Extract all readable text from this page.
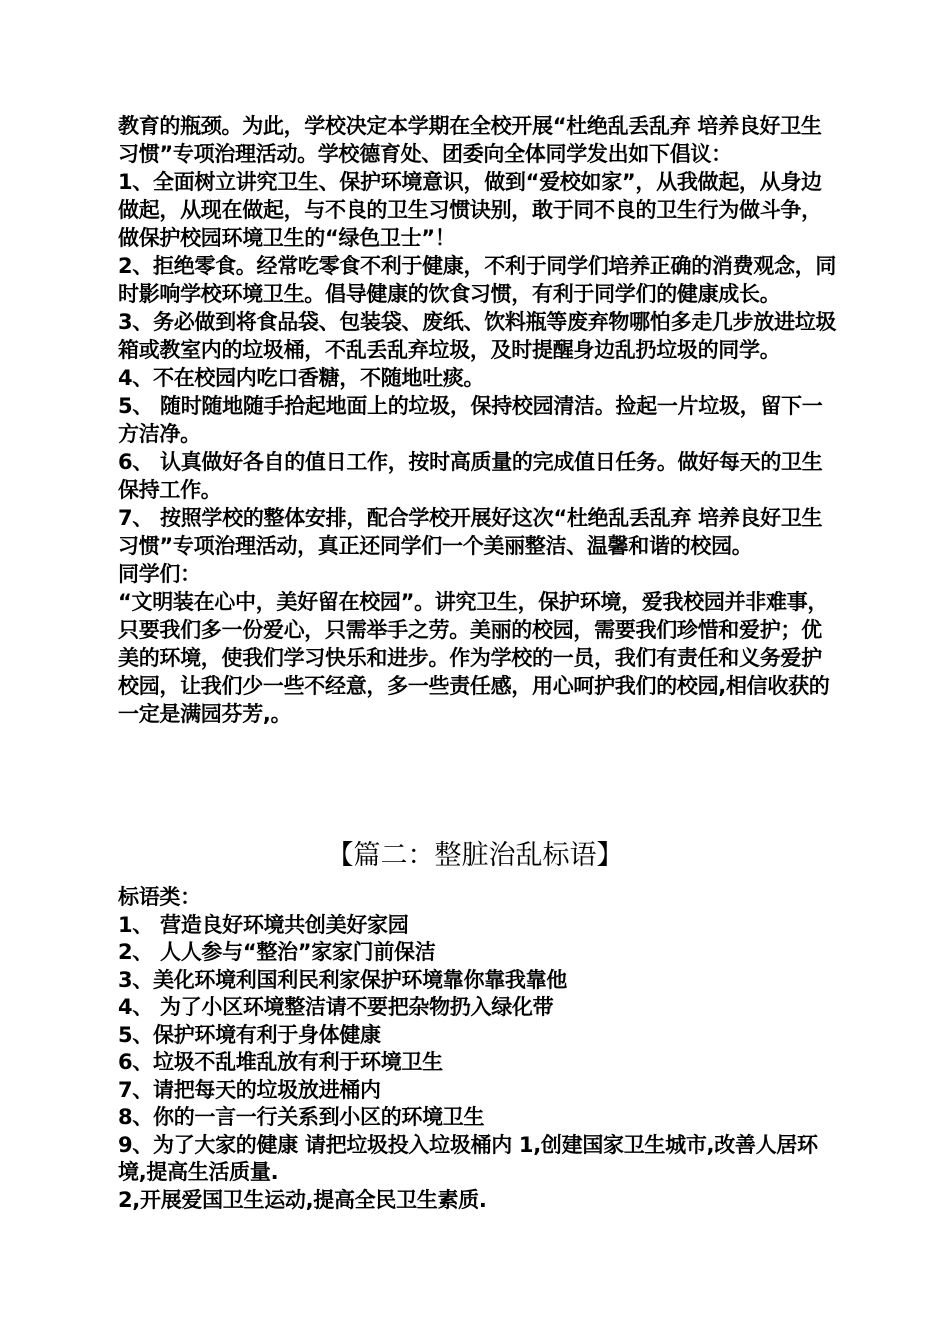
教育的瓶颈。为此，学校决定本学期在全校开展“杜绝乱丢乱弃 培养良好卫生习惯”专项治理活动。学校德育处、团委向全体同学发出如下倡议：

1、全面树立讲究卫生、保护环境意识，做到“爱校如家”，从我做起，从身边做起，从现在做起，与不良的卫生习惯诀别，敢于同不良的卫生行为做斗争，做保护校园环境卫生的“绿色卫士”！

2、拒绝零食。经常吃零食不利于健康，不利于同学们培养正确的消费观念，同时影响学校环境卫生。倡导健康的饮食习惯，有利于同学们的健康成长。

3、务必做到将食品袋、包装袋、废纸、饮料瓶等废弃物哪怕多走几步放进垃圾箱或教室内的垃圾桶，不乱丢乱弃垃圾，及时提醒身边乱扔垃圾的同学。

4、不在校园内吃口香糖，不随地吐痰。

5、 随时随地随手拾起地面上的垃圾，保持校园清洁。捡起一片垃圾，留下一方洁净。

6、 认真做好各自的值日工作，按时高质量的完成值日任务。做好每天的卫生保持工作。

7、 按照学校的整体安排，配合学校开展好这次“杜绝乱丢乱弃 培养良好卫生习惯”专项治理活动，真正还同学们一个美丽整洁、温馨和谐的校园。

同学们：

“文明装在心中，美好留在校园”。讲究卫生，保护环境，爱我校园并非难事，只要我们多一份爱心，只需举手之劳。美丽的校园，需要我们珍惜和爱护；优美的环境，使我们学习快乐和进步。作为学校的一员，我们有责任和义务爱护校园，让我们少一些不经意，多一些责任感，用心呵护我们的校园,相信收获的一定是满园芬芳,。

【篇二：整脏治乱标语】

标语类：

1、 营造良好环境共创美好家园

2、 人人参与“整治”家家门前保洁

3、美化环境利国利民利家保护环境靠你靠我靠他

4、 为了小区环境整洁请不要把杂物扔入绿化带

5、保护环境有利于身体健康

6、垃圾不乱堆乱放有利于环境卫生

7、请把每天的垃圾放进桶内

8、你的一言一行关系到小区的环境卫生

9、为了大家的健康 请把垃圾投入垃圾桶内 1,创建国家卫生城市,改善人居环境,提高生活质量.

2,开展爱国卫生运动,提高全民卫生素质.
